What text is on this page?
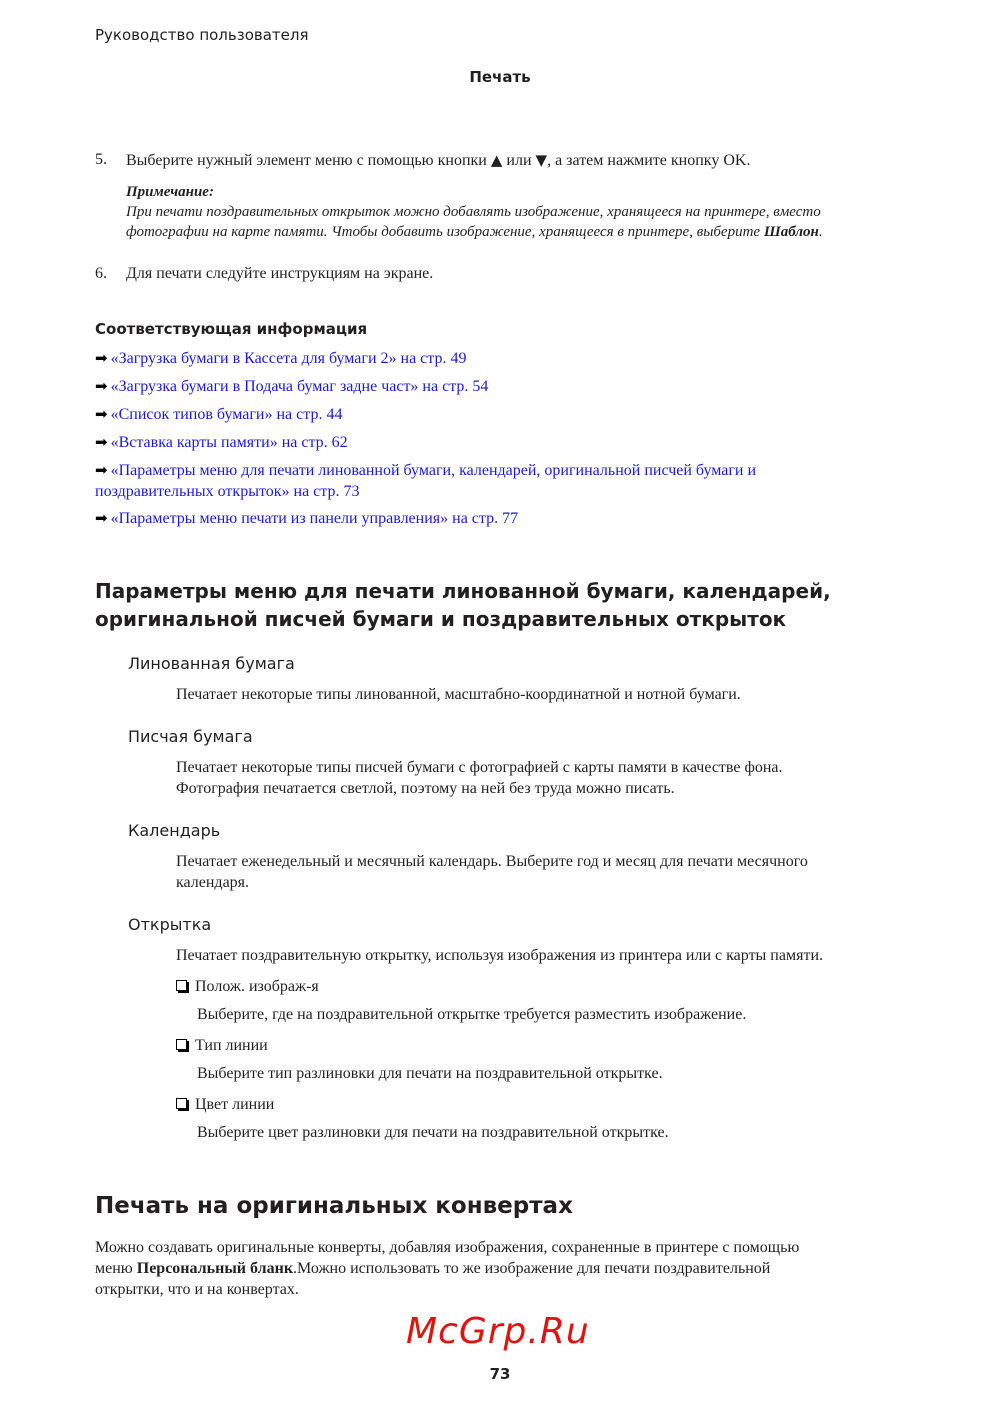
Руководство пользователя
Печать
5. Выберите нужный элемент меню с помощью кнопки ▲ или ▼, а затем нажмите кнопку OK.
Примечание:
При печати поздравительных открыток можно добавлять изображение, хранящееся на принтере, вместо
фотографии на карте памяти. Чтобы добавить изображение, хранящееся в принтере, выберите Шаблон.
6. Для печати следуйте инструкциям на экране.
Соответствующая информация
➡ «Загрузка бумаги в Кассета для бумаги 2» на стр. 49
➡ «Загрузка бумаги в Подача бумаг задне част» на стр. 54
➡ «Список типов бумаги» на стр. 44
➡ «Вставка карты памяти» на стр. 62
➡ «Параметры меню для печати линованной бумаги, календарей, оригинальной писчей бумаги и
поздравительных открыток» на стр. 73
➡ «Параметры меню печати из панели управления» на стр. 77
Параметры меню для печати линованной бумаги, календарей,
оригинальной писчей бумаги и поздравительных открыток
Линованная бумага
Печатает некоторые типы линованной, масштабно-координатной и нотной бумаги.
Писчая бумага
Печатает некоторые типы писчей бумаги с фотографией с карты памяти в качестве фона.
Фотография печатается светлой, поэтому на ней без труда можно писать.
Календарь
Печатает еженедельный и месячный календарь. Выберите год и месяц для печати месячного
календаря.
Открытка
Печатает поздравительную открытку, используя изображения из принтера или с карты памяти.
Полож. изображ-я
Выберите, где на поздравительной открытке требуется разместить изображение.
Тип линии
Выберите тип разлиновки для печати на поздравительной открытке.
Цвет линии
Выберите цвет разлиновки для печати на поздравительной открытке.
Печать на оригинальных конвертах
Можно создавать оригинальные конверты, добавляя изображения, сохраненные в принтере с помощью
меню Персональный бланк.Можно использовать то же изображение для печати поздравительной
открытки, что и на конвертах.
McGrp.Ru
73
